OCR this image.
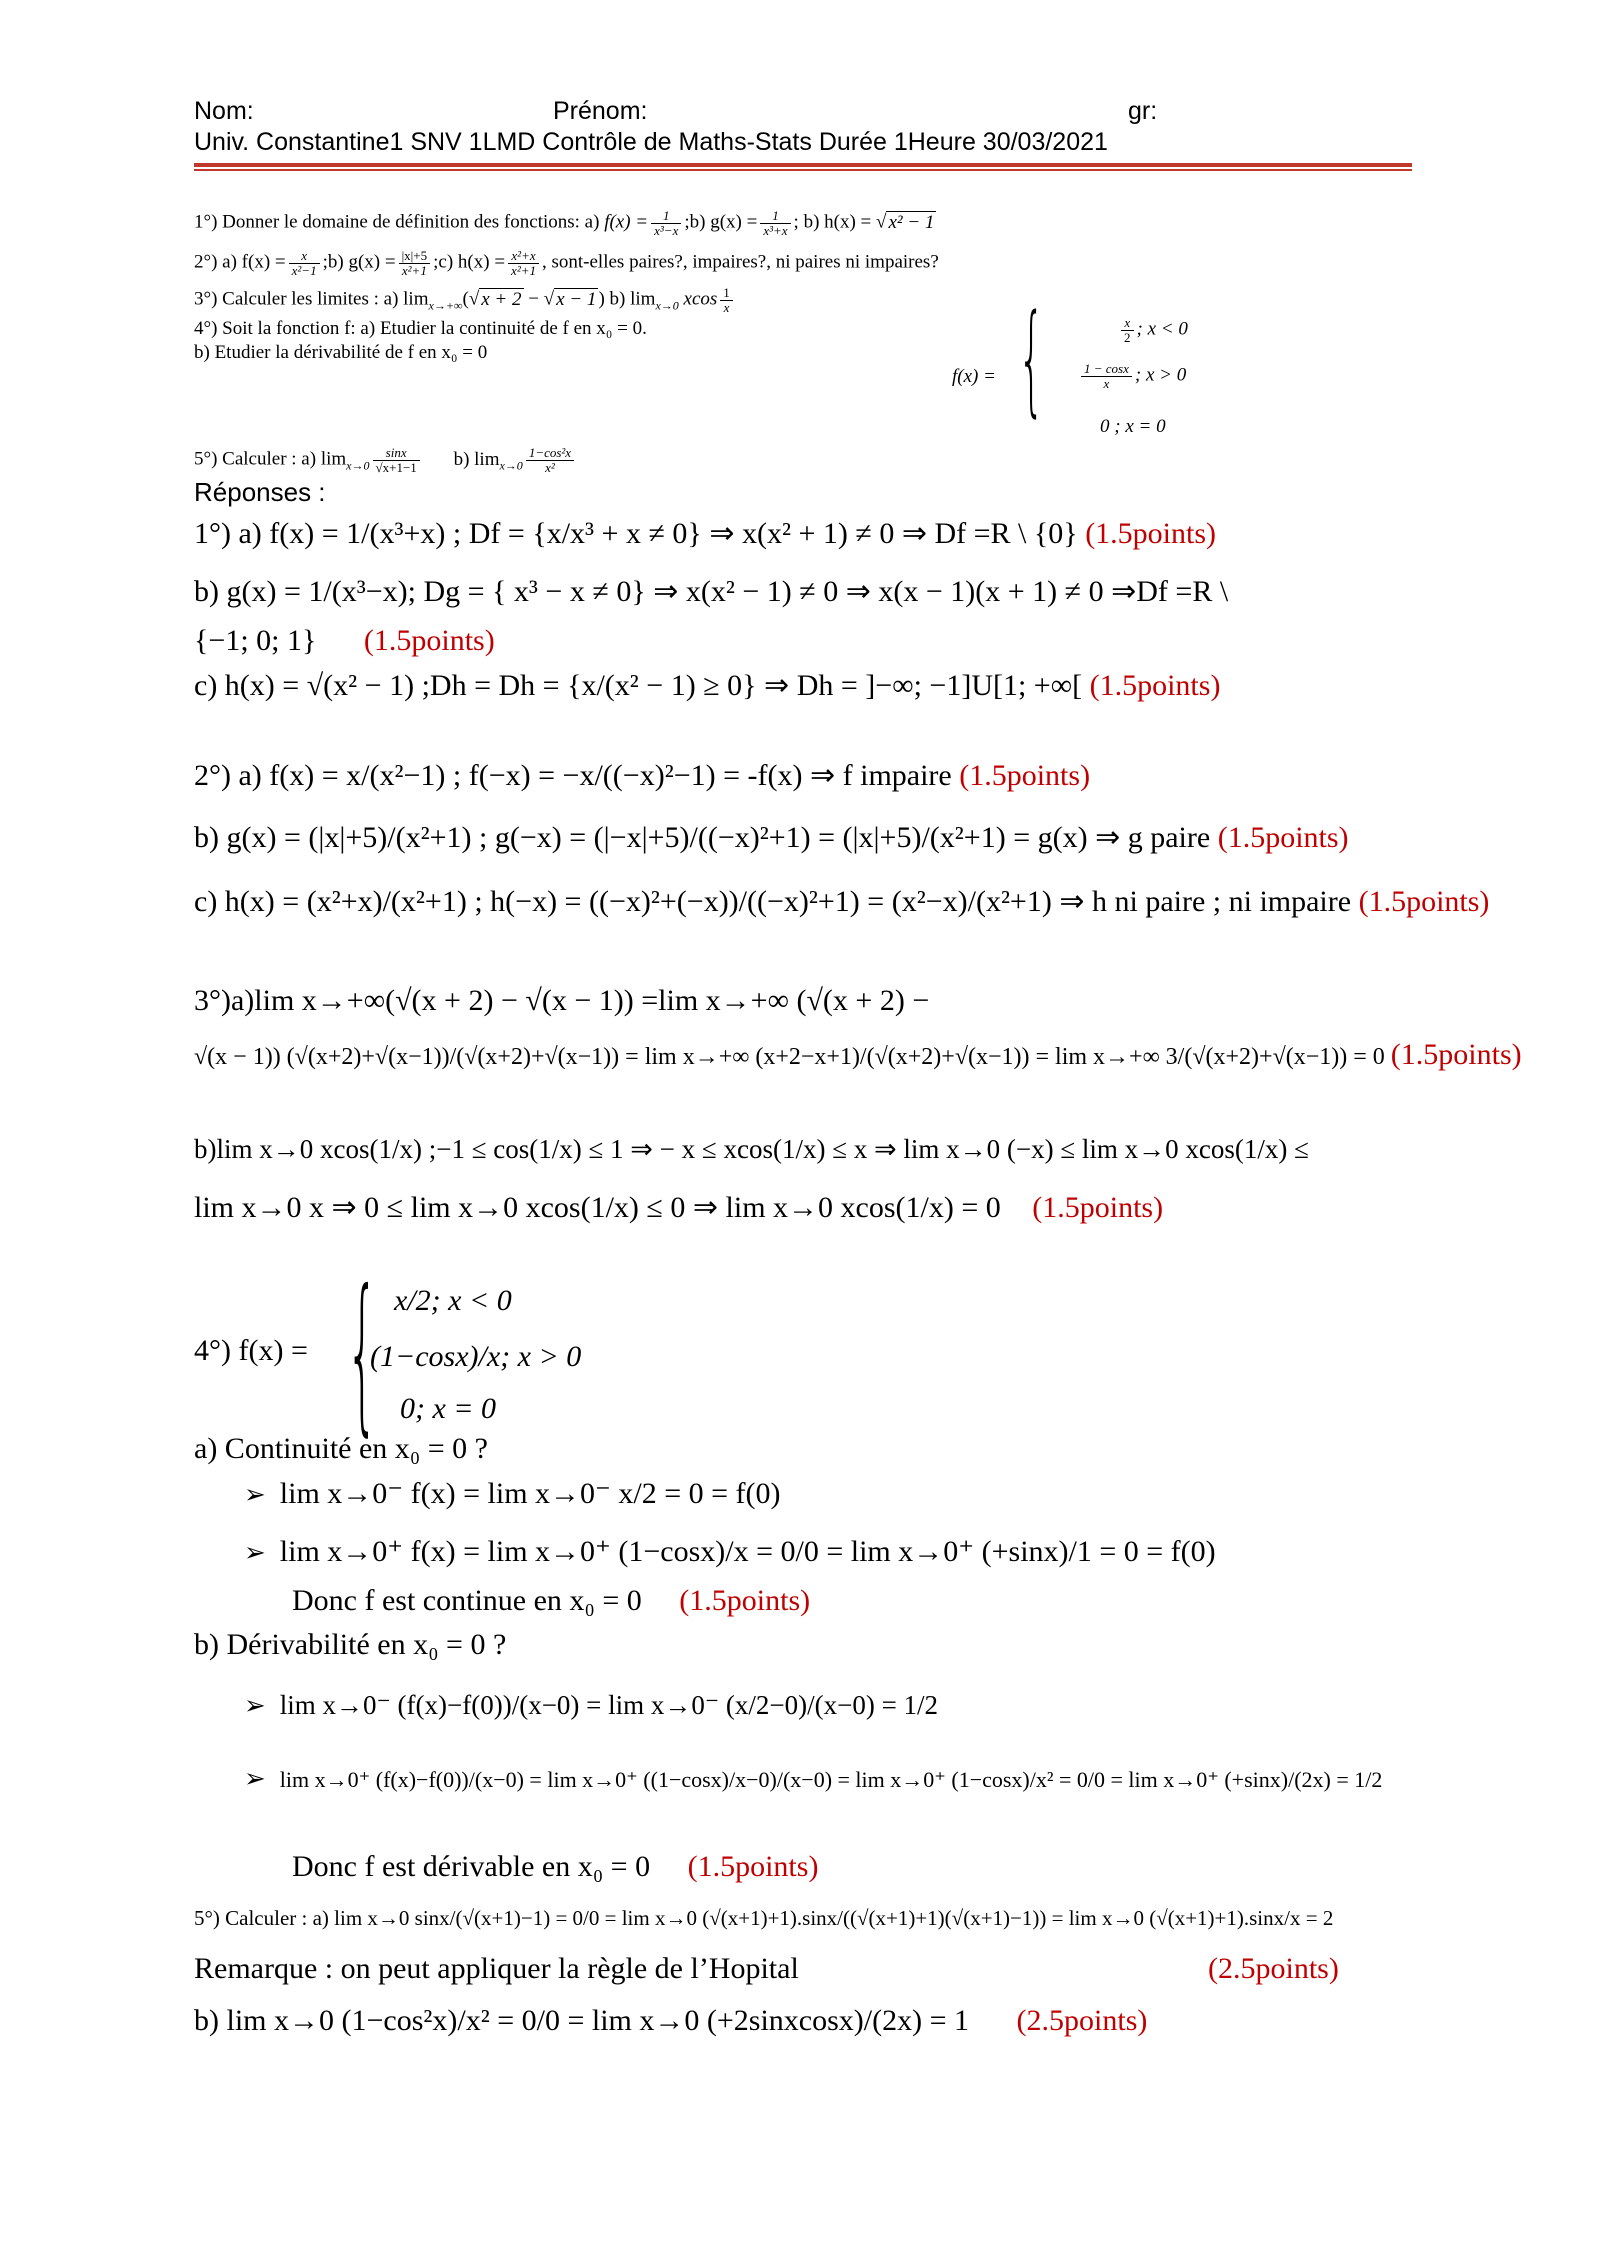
Nom:	Prénom:	gr:
Univ. Constantine1 SNV 1LMD Contrôle de Maths-Stats Durée 1Heure 30/03/2021
1°) Donner le domaine de définition des fonctions: a) $f(x) = \frac{1}{\text{x³−x}}$ ;b) $g(x) = \frac{1}{\text{x³+x}}$ ; b) h(x) = √ x² − 1
2°) a) $f(x) = \frac{x}{\text{x²−1}}$ ;b) $g(x) = \frac{|x|+5}{\text{x²+1}}$ ;c) $h(x) = \frac{\text{x²+x}}{\text{x²+1}}$ , sont-elles paires?, impaires?, ni paires ni impaires?
3°) Calculer les limites : a) $\lim_{x\to+\infty}(√$ x + 2 − √ x − 1 ) b) $\lim_{x\to 0} xcos \frac{1}{x}$
4°) Soit la fonction f: a) Etudier la continuité de f en x₀ = 0.
b) Etudier la dérivabilité de f en x₀ = 0
f(x) = {	$\frac{x}{2}$ ; x < 0
$\frac{1 - \cos x}{x}$ ; x > 0
0 ; x = 0
5°) Calculer : a) $\lim_{x\to 0} \frac{\sin x}{√x+1-1} b$) $\lim_{x\to 0} \frac{\text{1−cos²x}}{\text{x²}}$
Réponses :
1°) a) f(x) = 1/(x³+x) ; Df = {x/x³ + x ≠ 0} ⇒ x(x² + 1) ≠ 0 ⇒ Df =R \ {0} (1.5points)
b) g(x) = 1/(x³−x); Dg = { x³ − x ≠ 0} ⇒ x(x² − 1) ≠ 0 ⇒ x(x − 1)(x + 1) ≠ 0 ⇒Df =R \
{−1; 0; 1} (1.5points)
c) h(x) = √(x² − 1) ;Dh = Dh = {x/(x² − 1) ≥ 0} ⇒ Dh = ]−∞; −1]U[1; +∞[ (1.5points)
2°) a) f(x) = x/(x²−1) ; f(−x) = −x/((−x)²−1) = -f(x) ⇒ f impaire (1.5points)
b) g(x) = (|x|+5)/(x²+1) ; g(−x) = (|−x|+5)/((−x)²+1) = (|x|+5)/(x²+1) = g(x) ⇒ g paire (1.5points)
c) h(x) = (x²+x)/(x²+1) ; h(−x) = ((−x)²+(−x))/((−x)²+1) = (x²−x)/(x²+1) ⇒ h ni paire ; ni impaire (1.5points)
3°)a)lim x→+∞(√(x + 2) − √(x − 1)) =lim x→+∞ (√(x + 2) −
√(x − 1)) (√(x+2)+√(x−1))/(√(x+2)+√(x−1)) = lim x→+∞ (x+2−x+1)/(√(x+2)+√(x−1)) = lim x→+∞ 3/(√(x+2)+√(x−1)) = 0 (1.5points)
b)lim x→0 xcos(1/x) ;−1 ≤ cos(1/x) ≤ 1 ⇒ − x ≤ xcos(1/x) ≤ x ⇒ lim x→0 (−x) ≤ lim x→0 xcos(1/x) ≤
lim x→0 x ⇒ 0 ≤ lim x→0 xcos(1/x) ≤ 0 ⇒ lim x→0 xcos(1/x) = 0 (1.5points)
4°) f(x) = { x/2; x < 0
(1−cosx)/x; x > 0
0; x = 0
a) Continuité en x₀ = 0 ?
➢ lim x→0⁻ f(x) = lim x→0⁻ x/2 = 0 = f(0)
➢ lim x→0⁺ f(x) = lim x→0⁺ (1−cosx)/x = 0/0 = lim x→0⁺ (+sinx)/1 = 0 = f(0)
Donc f est continue en x₀ = 0 (1.5points)
b) Dérivabilité en x₀ = 0 ?
➢ lim x→0⁻ (f(x)−f(0))/(x−0) = lim x→0⁻ (x/2−0)/(x−0) = 1/2
➢ lim x→0⁺ (f(x)−f(0))/(x−0) = lim x→0⁺ ((1−cosx)/x−0)/(x−0) = lim x→0⁺ (1−cosx)/x² = 0/0 = lim x→0⁺ (+sinx)/(2x) = 1/2
Donc f est dérivable en x₀ = 0 (1.5points)
5°) Calculer : a) lim x→0 sinx/(√(x+1)−1) = 0/0 = lim x→0 (√(x+1)+1).sinx/((√(x+1)+1)(√(x+1)−1)) = lim x→0 (√(x+1)+1).sinx/x = 2
Remarque : on peut appliquer la règle de l’Hopital	(2.5points)
b) lim x→0 (1−cos²x)/x² = 0/0 = lim x→0 (+2sinxcosx)/(2x) = 1 (2.5points)
